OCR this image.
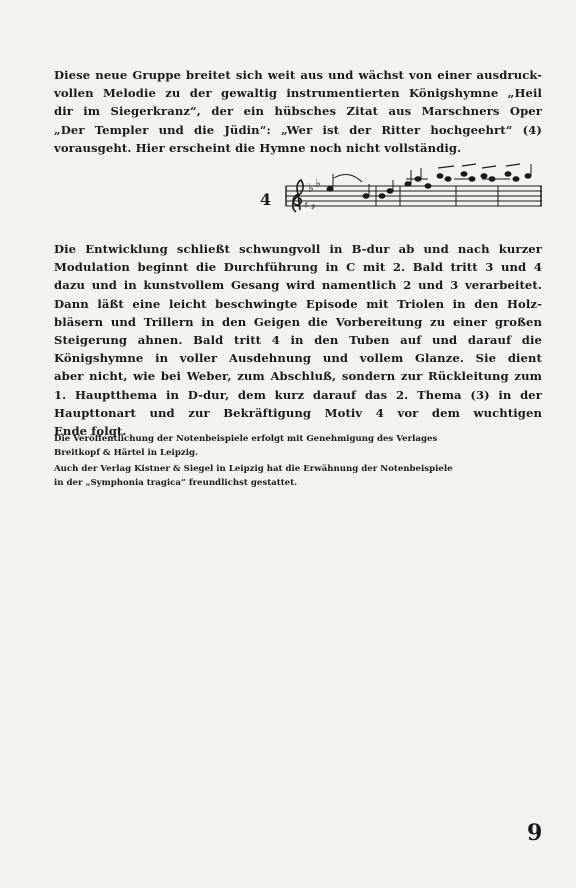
Diese neue Gruppe breitet sich weit aus und wächst von einer ausdruck-
vollen Melodie zu der gewaltig instrumentierten Königshymne „Heil
dir im Siegerkranz“, der ein hübsches Zitat aus Marschners Oper
„Der Templer und die Jüdin“: „Wer ist der Ritter hochgeehrt“ (4)
vorausgeht. Hier erscheint die Hymne noch nicht vollständig.
4
♭ ♭
♯ ♯
Die Entwicklung schließt schwungvoll in B-dur ab und nach kurzer
Modulation beginnt die Durchführung in C mit 2. Bald tritt 3 und 4
dazu und in kunstvollem Gesang wird namentlich 2 und 3 verarbeitet.
Dann läßt eine leicht beschwingte Episode mit Triolen in den Holz-
bläsern und Trillern in den Geigen die Vorbereitung zu einer großen
Steigerung ahnen. Bald tritt 4 in den Tuben auf und darauf die
Königshymne in voller Ausdehnung und vollem Glanze. Sie dient
aber nicht, wie bei Weber, zum Abschluß, sondern zur Rückleitung zum
1. Hauptthema in D-dur, dem kurz darauf das 2. Thema (3) in der
Haupttonart und zur Bekräftigung Motiv 4 vor dem wuchtigen
Ende folgt.
Die Veröffentlichung der Notenbeispiele erfolgt mit Genehmigung des Verlages
Breitkopf & Härtel in Leipzig.
Auch der Verlag Kistner & Siegel in Leipzig hat die Erwähnung der Notenbeispiele
in der „Symphonia tragica“ freundlichst gestattet.
9
